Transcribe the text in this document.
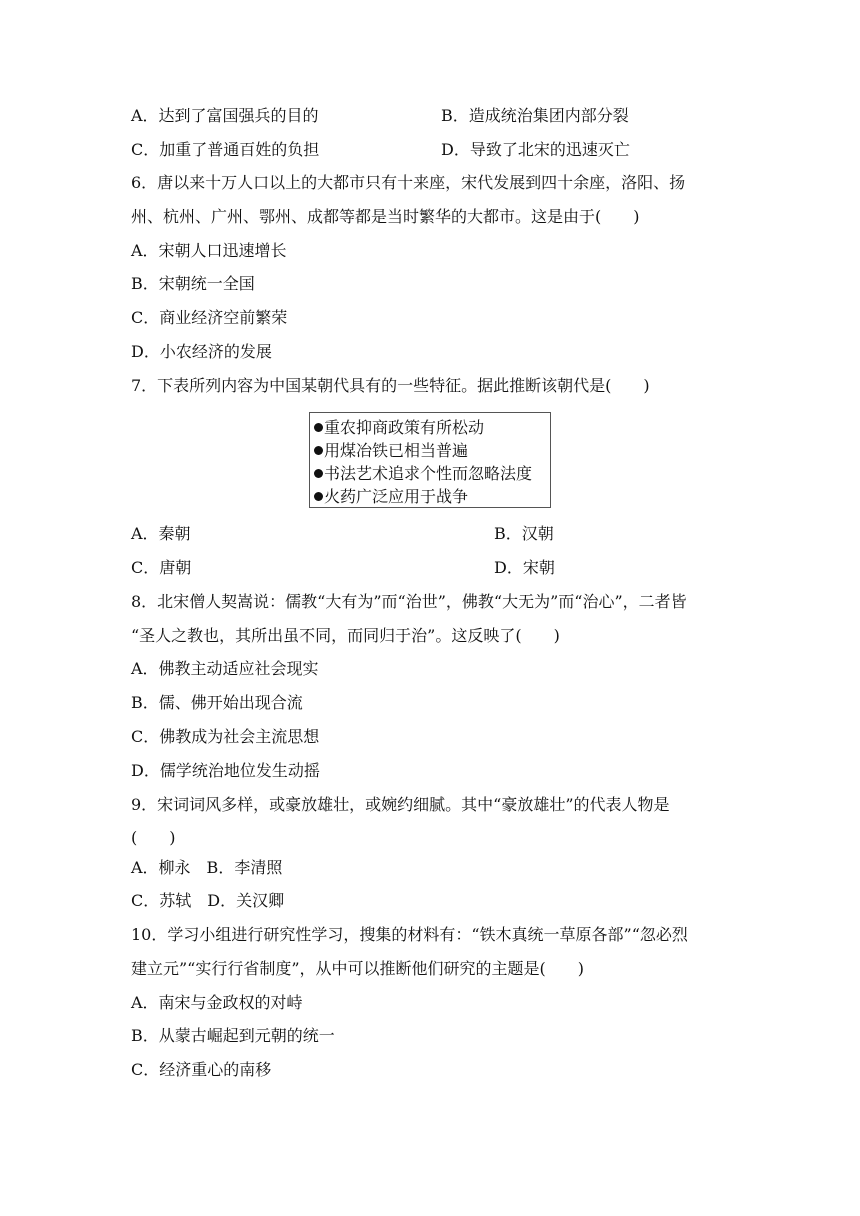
A．达到了富国强兵的目的	B．造成统治集团内部分裂
C．加重了普通百姓的负担	D．导致了北宋的迅速灭亡
6．唐以来十万人口以上的大都市只有十来座，宋代发展到四十余座，洛阳、扬
州、杭州、广州、鄂州、成都等都是当时繁华的大都市。这是由于(　　)
A．宋朝人口迅速增长
B．宋朝统一全国
C．商业经济空前繁荣
D．小农经济的发展
7．下表所列内容为中国某朝代具有的一些特征。据此推断该朝代是(　　)
重农抑商政策有所松动
用煤冶铁已相当普遍
书法艺术追求个性而忽略法度
火药广泛应用于战争
A．秦朝	B．汉朝
C．唐朝	D．宋朝
8．北宋僧人契嵩说：儒教“大有为”而“治世”，佛教“大无为”而“治心”，二者皆
“圣人之教也，其所出虽不同，而同归于治”。这反映了(　　)
A．佛教主动适应社会现实
B．儒、佛开始出现合流
C．佛教成为社会主流思想
D．儒学统治地位发生动摇
9．宋词词风多样，或豪放雄壮，或婉约细腻。其中“豪放雄壮”的代表人物是
(　　)
A．柳永　B．李清照
C．苏轼　D．关汉卿
10．学习小组进行研究性学习，搜集的材料有：“铁木真统一草原各部”“忽必烈
建立元”“实行行省制度”，从中可以推断他们研究的主题是(　　)
A．南宋与金政权的对峙
B．从蒙古崛起到元朝的统一
C．经济重心的南移
